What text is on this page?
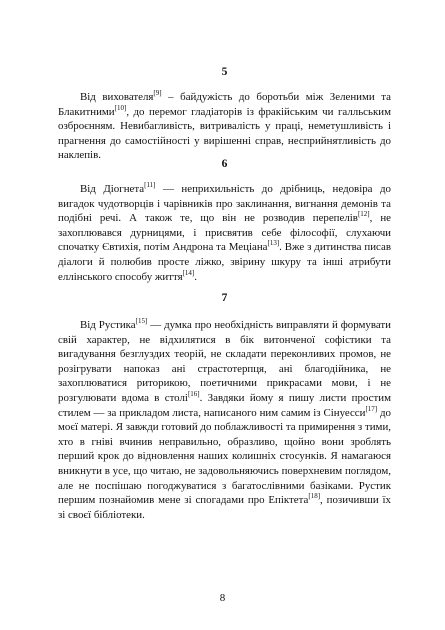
5

Від вихователя[9] – байдужість до боротьби між Зеленими та Блакитними[10], до перемог гладіаторів із фракійським чи галльським озброєнням. Невибагливість, витривалість у праці, неметушливість і прагнення до самостійності у вирішенні справ, несприйнятливість до наклепів.

6

Від Діогнета[11] — неприхильність до дрібниць, недовіра до вигадок чудотворців і чарівників про заклинання, вигнання демонів та подібні речі. А також те, що він не розводив перепелів[12], не захоплювався дурницями, і присвятив себе філософії, слухаючи спочатку Євтихія, потім Андрона та Меціана[13]. Вже з дитинства писав діалоги й полюбив просте ліжко, звірину шкуру та інші атрибути еллінського способу життя[14].

7

Від Рустика[15] — думка про необхідність виправляти й формувати свій характер, не відхилятися в бік витонченої софістики та вигадування безглуздих теорій, не складати переконливих промов, не розігрувати напоказ ані страстотерпця, ані благодійника, не захоплюватися риторикою, поетичними прикрасами мови, і не розгулювати вдома в столі[16]. Завдяки йому я пишу листи простим стилем — за прикладом листа, написаного ним самим із Сінуесси[17] до моєї матері. Я завжди готовий до поблажливості та примирення з тими, хто в гніві вчинив неправильно, образливо, щойно вони зроблять перший крок до відновлення наших колишніх стосунків. Я намагаюся вникнути в усе, що читаю, не задовольняючись поверхневим поглядом, але не поспішаю погоджуватися з багатослівними базіками. Рустик першим познайомив мене зі спогадами про Епіктета[18], позичивши їх зі своєї бібліотеки.

8
